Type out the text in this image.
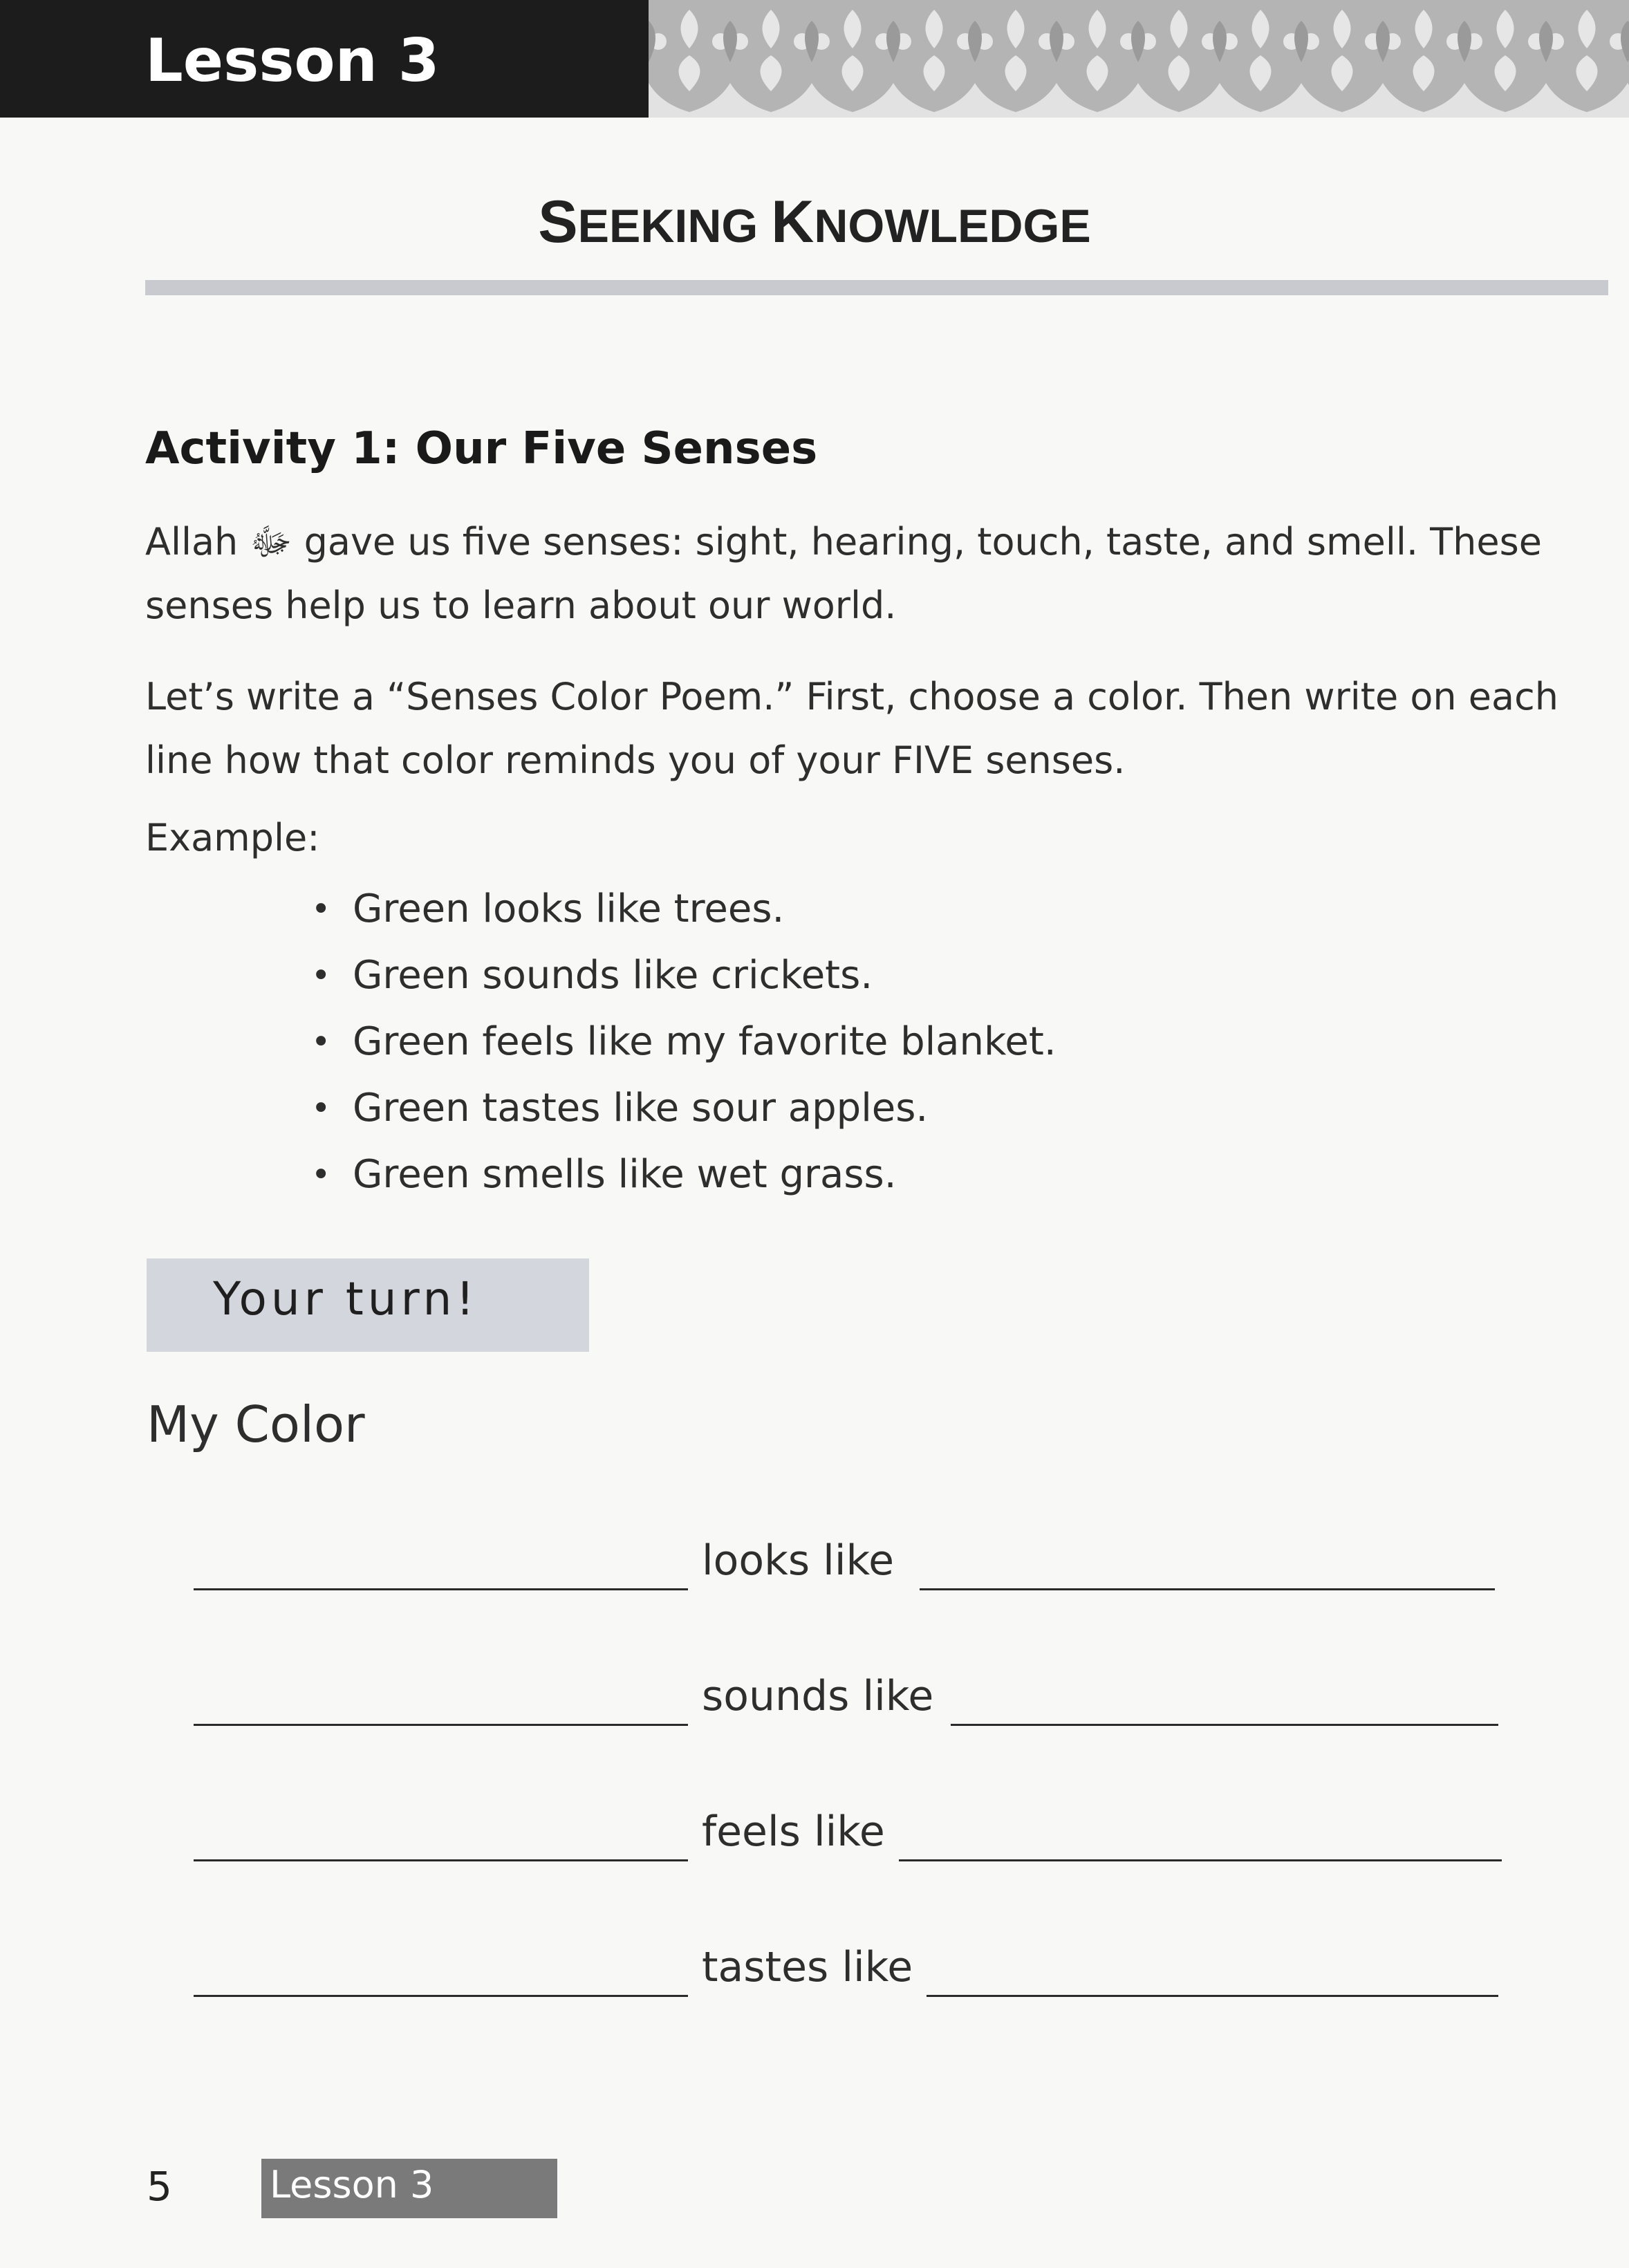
Lesson 3
SEEKING KNOWLEDGE
Activity 1: Our Five Senses
Allah ﷻ gave us five senses: sight, hearing, touch, taste, and smell. These senses help us to learn about our world.
Let’s write a “Senses Color Poem.” First, choose a color. Then write on each line how that color reminds you of your FIVE senses.
Example:
• Green looks like trees.
• Green sounds like crickets.
• Green feels like my favorite blanket.
• Green tastes like sour apples.
• Green smells like wet grass.
Your turn!
My Color
looks like
sounds like
feels like
tastes like
5	Lesson 3
